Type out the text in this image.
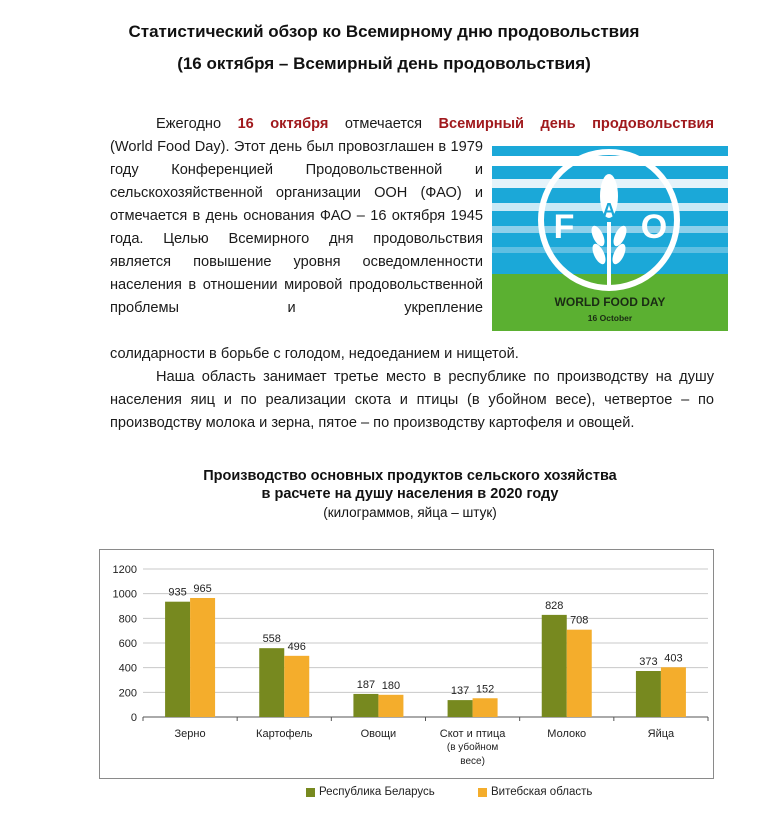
Статистический обзор ко Всемирному дню продовольствия
(16 октября – Всемирный день продовольствия)
Ежегодно 16 октября отмечается Всемирный день продовольствия
(World Food Day). Этот день был провозглашен в 1979 году Конференцией Продовольственной и сельскохозяйственной организации ООН (ФАО) и отмечается в день основания ФАО – 16 октября 1945 года. Целью Всемирного дня продовольствия является повышение уровня осведомленности населения в отношении мировой продовольственной проблемы и укрепление
солидарности в борьбе с голодом, недоеданием и нищетой.
F A O
WORLD FOOD DAY
16 October
Наша область занимает третье место в республике по производству на душу населения яиц и по реализации скота и птицы (в убойном весе), четвертое – по производству молока и зерна, пятое – по производству картофеля и овощей.
Производство основных продуктов сельского хозяйства
в расчете на душу населения в 2020 году
(килограммов, яйца – штук)
0
200
400
600
800
1000
1200
935 965
Зерно
558
496
Картофель
187 180
Овощи
137 152
Скот и птица
(в убойном
весе)
828
708
Молоко
373 403
Яйца
Республика Беларусь	Витебская область
